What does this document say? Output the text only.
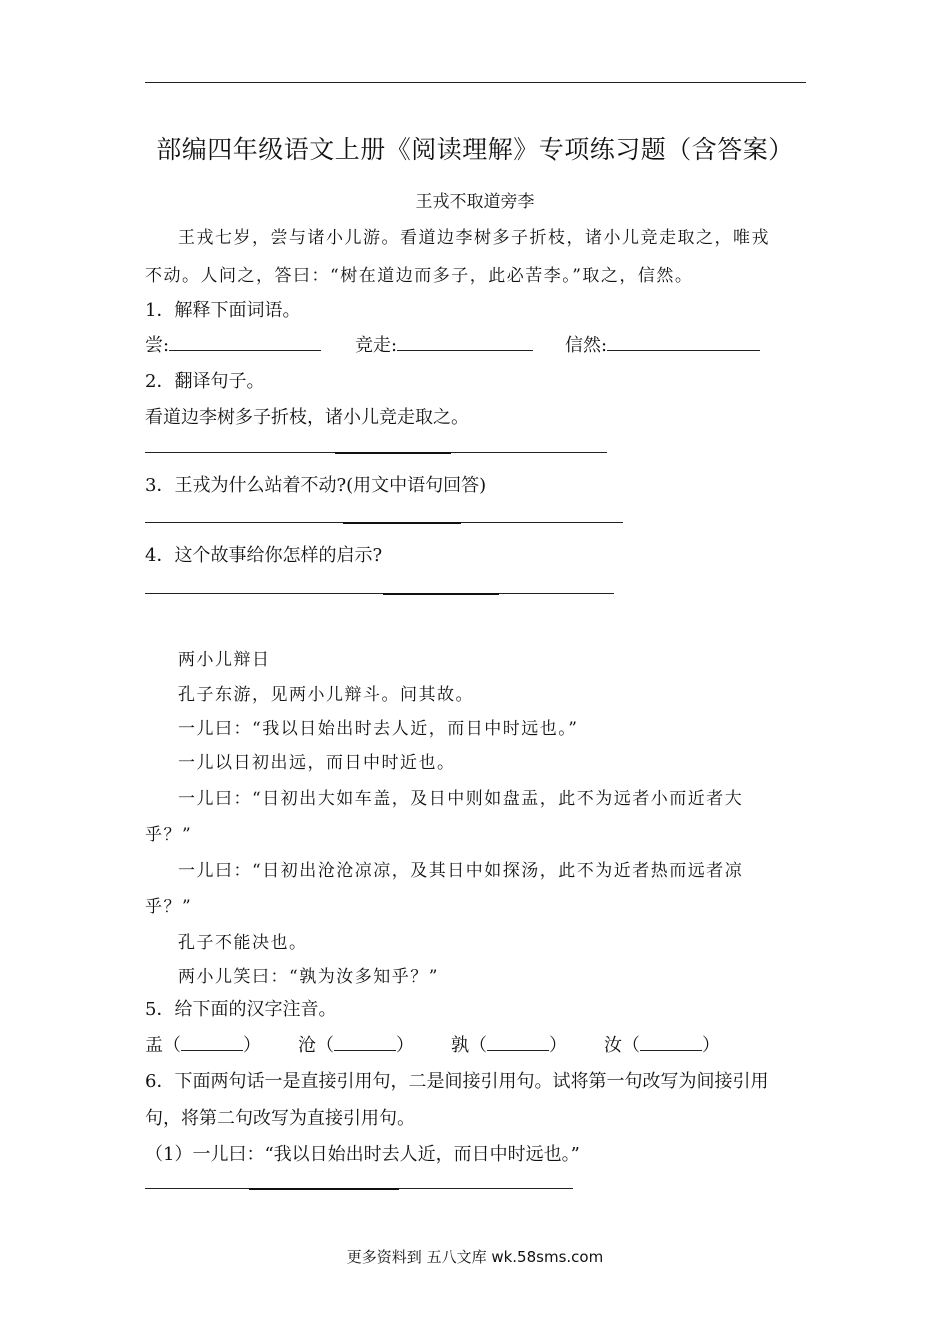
部编四年级语文上册《阅读理解》专项练习题（含答案）
王戎不取道旁李
王戎七岁，尝与诸小儿游。看道边李树多子折枝，诸小儿竞走取之，唯戎
不动。人问之，答曰：“树在道边而多子，此必苦李。”取之，信然。
1．解释下面词语。
尝:	竞走:	信然:
2．翻译句子。
看道边李树多子折枝，诸小儿竞走取之。
3．王戎为什么站着不动?(用文中语句回答)
4．这个故事给你怎样的启示?
两小儿辩日
孔子东游，见两小儿辩斗。问其故。
一儿曰：“我以日始出时去人近，而日中时远也。”
一儿以日初出远，而日中时近也。
一儿曰：“日初出大如车盖，及日中则如盘盂，此不为远者小而近者大
乎？”
一儿曰：“日初出沧沧凉凉，及其日中如探汤，此不为近者热而远者凉
乎？”
孔子不能决也。
两小儿笑曰：“孰为汝多知乎？”
5．给下面的汉字注音。
盂（	） 沧（	） 孰（	） 汝（	）
6．下面两句话一是直接引用句，二是间接引用句。试将第一句改写为间接引用
句，将第二句改写为直接引用句。
（1）一儿曰：“我以日始出时去人近，而日中时远也。”
更多资料到 五八文库 wk.58sms.com
